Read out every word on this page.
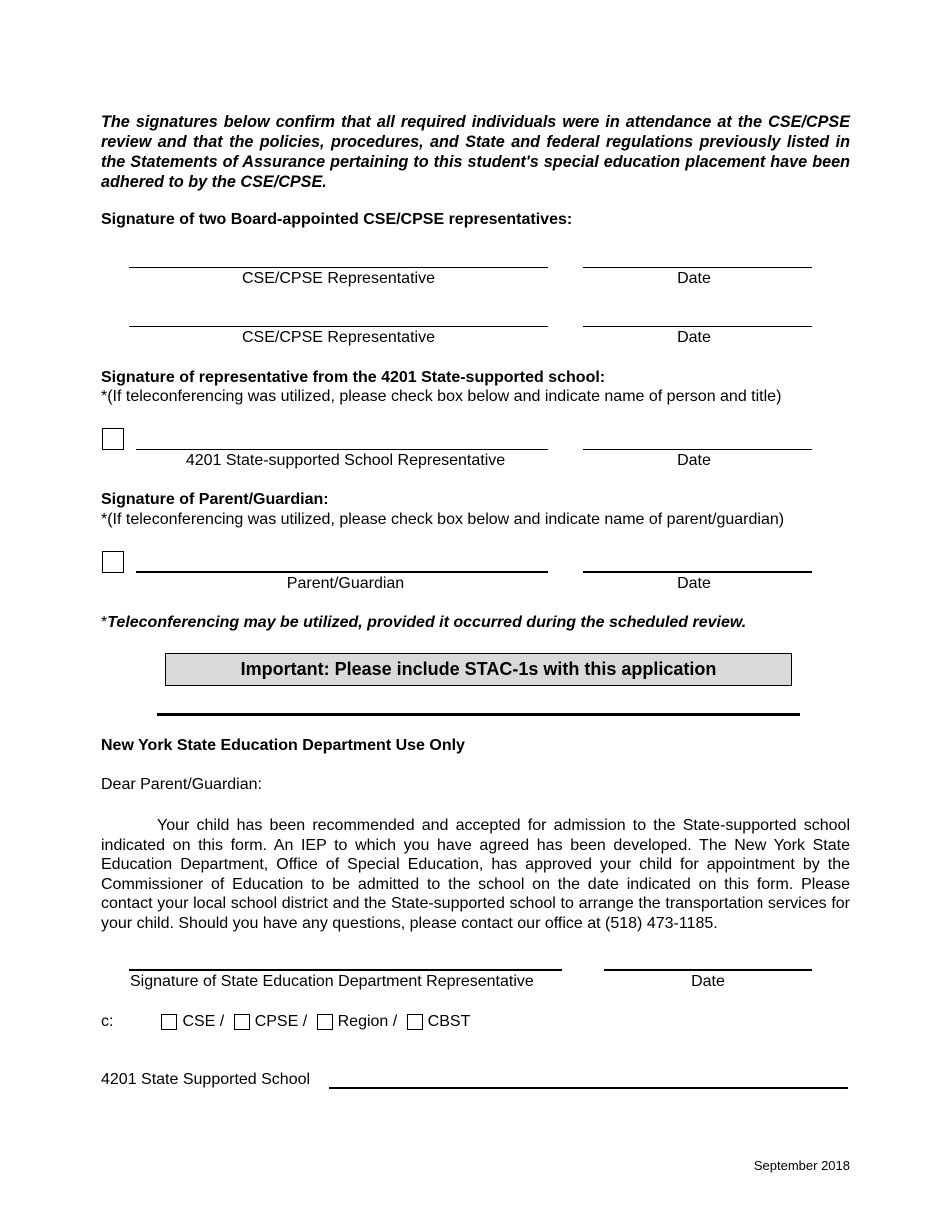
The signatures below confirm that all required individuals were in attendance at the CSE/CPSE review and that the policies, procedures, and State and federal regulations previously listed in the Statements of Assurance pertaining to this student's special education placement have been adhered to by the CSE/CPSE.
Signature of two Board-appointed CSE/CPSE representatives:
CSE/CPSE Representative	Date
CSE/CPSE Representative	Date
Signature of representative from the 4201 State-supported school:
*(If teleconferencing was utilized, please check box below and indicate name of person and title)
4201 State-supported School Representative	Date
Signature of Parent/Guardian:
*(If teleconferencing was utilized, please check box below and indicate name of parent/guardian)
Parent/Guardian	Date
*Teleconferencing may be utilized, provided it occurred during the scheduled review.
Important: Please include STAC-1s with this application
New York State Education Department Use Only
Dear Parent/Guardian:
Your child has been recommended and accepted for admission to the State-supported school indicated on this form. An IEP to which you have agreed has been developed. The New York State Education Department, Office of Special Education, has approved your child for appointment by the Commissioner of Education to be admitted to the school on the date indicated on this form. Please contact your local school district and the State-supported school to arrange the transportation services for your child. Should you have any questions, please contact our office at (518) 473-1185.
Signature of State Education Department Representative	Date
c:	CSE / CPSE / Region / CBST
4201 State Supported School
September 2018
